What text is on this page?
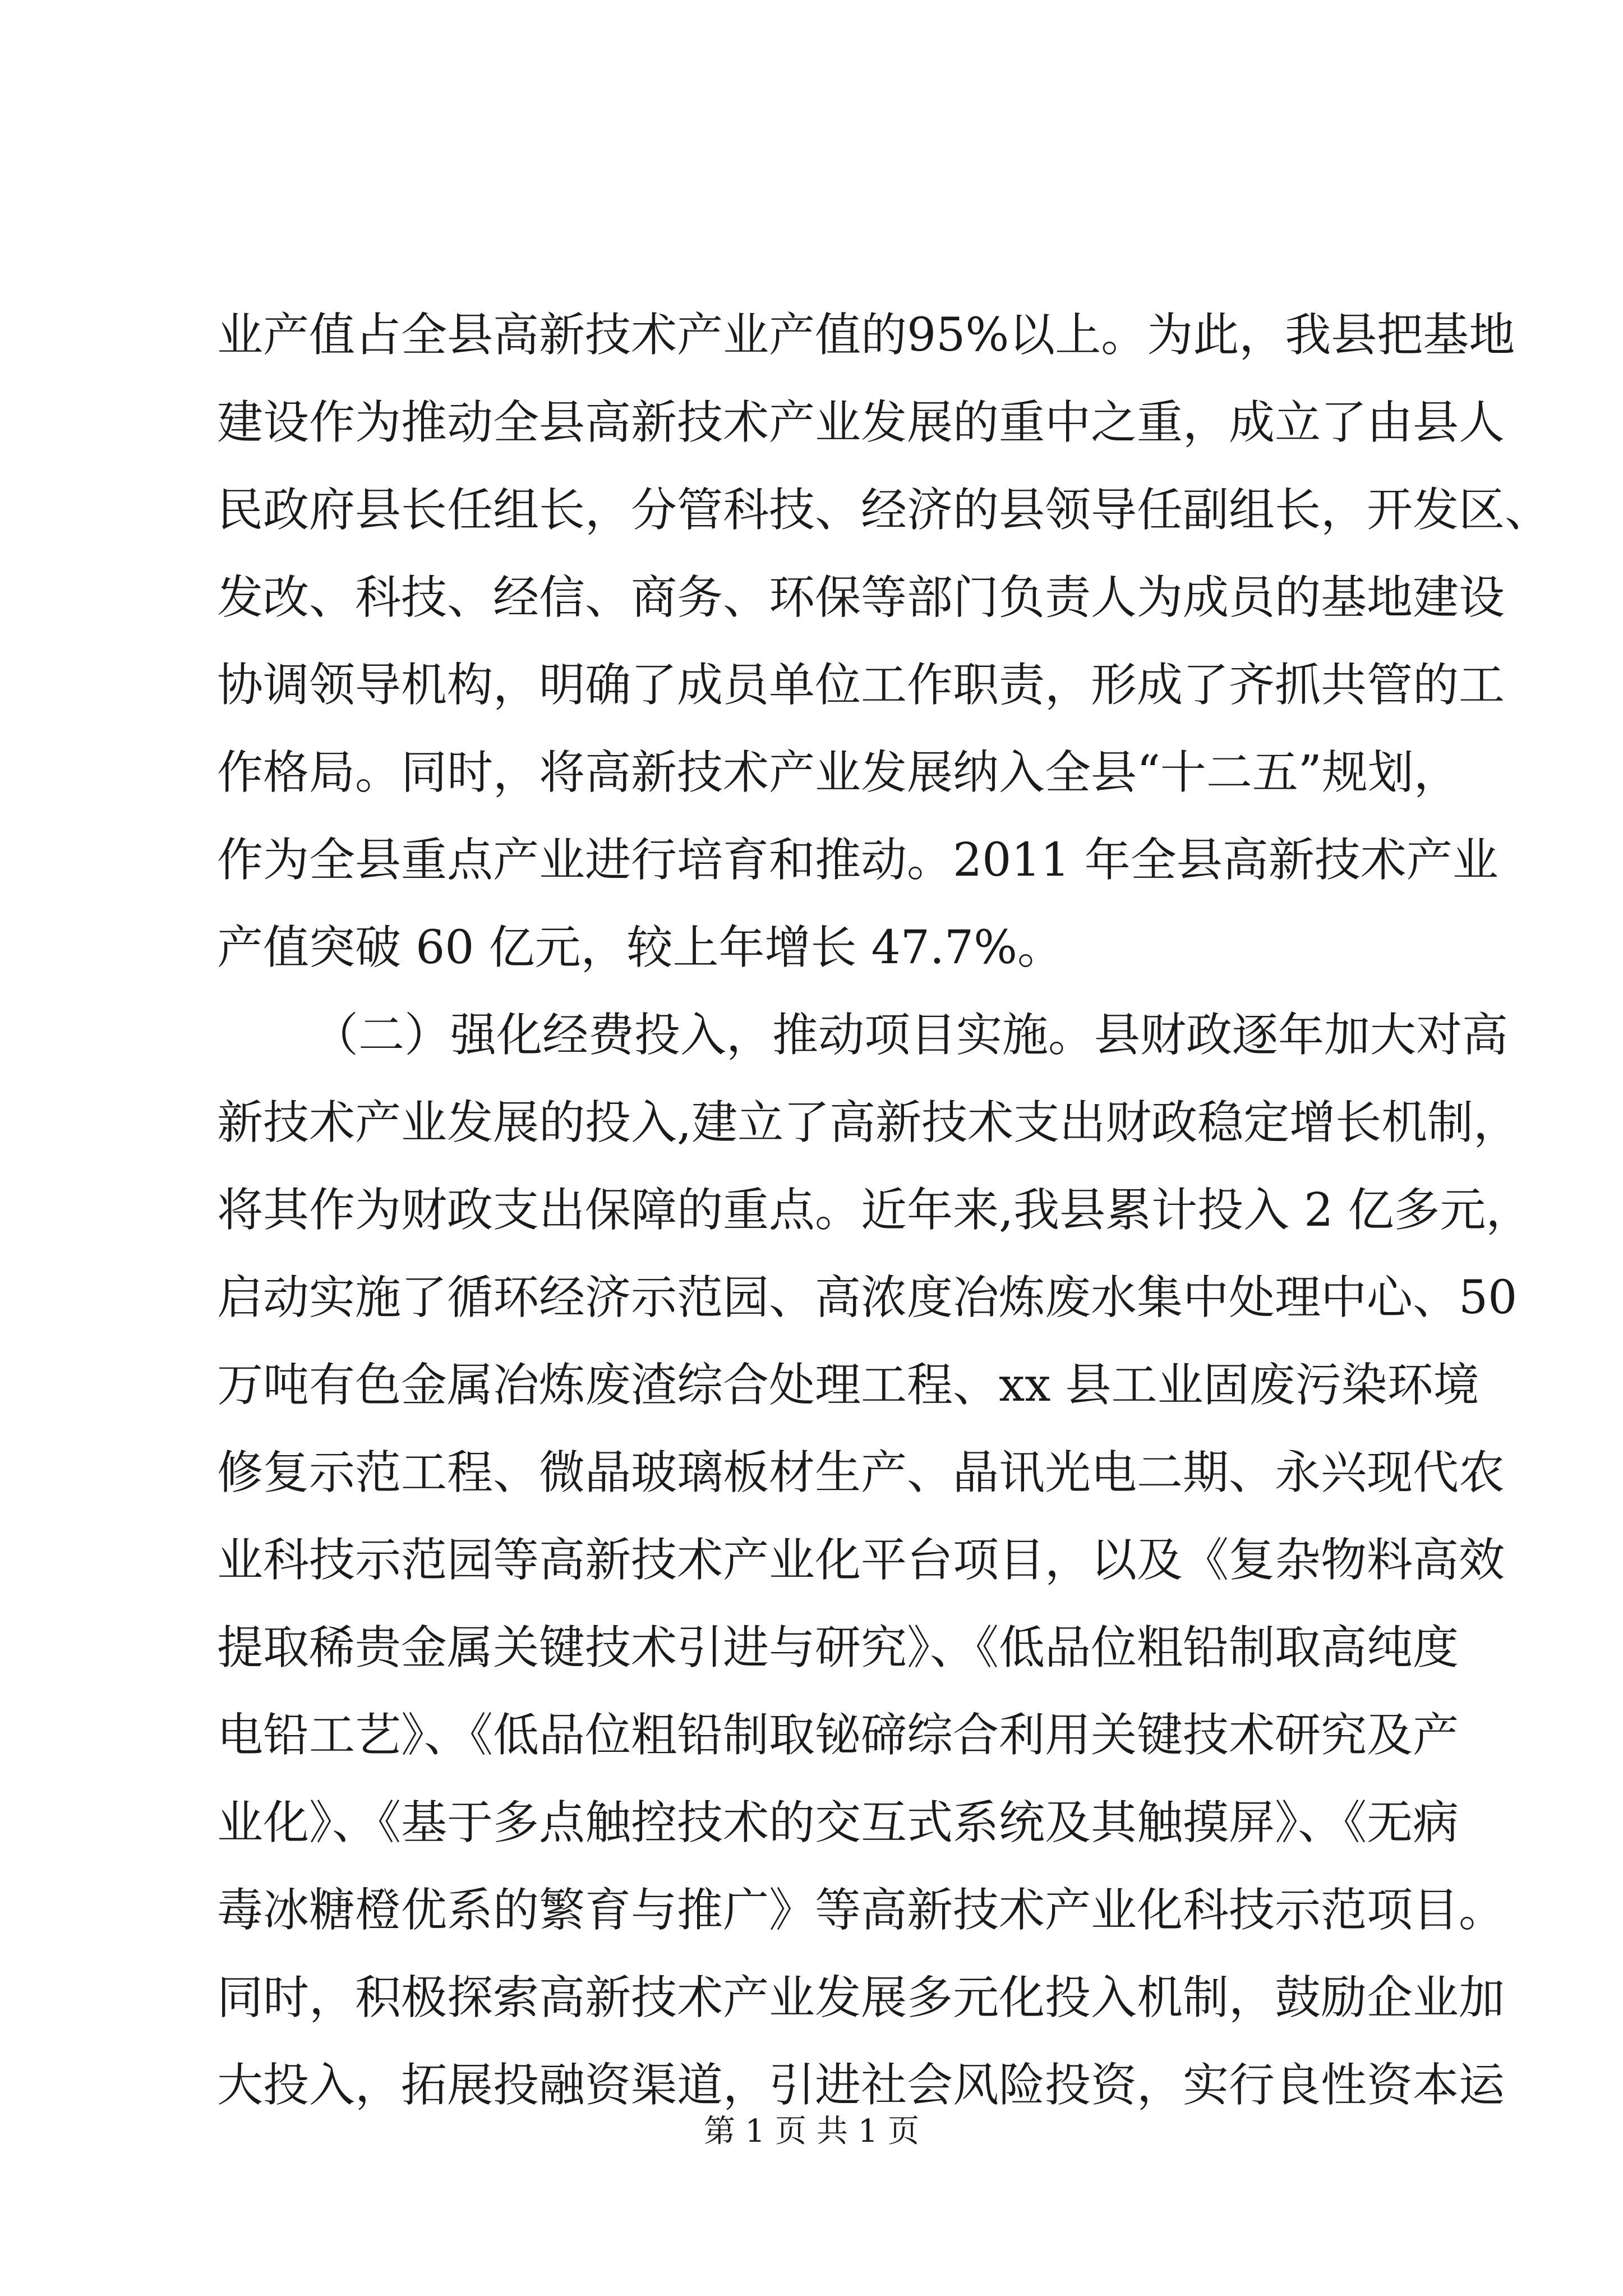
业产值占全县高新技术产业产值的95%以上。为此，我县把基地
建设作为推动全县高新技术产业发展的重中之重，成立了由县人
民政府县长任组长，分管科技、经济的县领导任副组长，开发区、
发改、科技、经信、商务、环保等部门负责人为成员的基地建设
协调领导机构，明确了成员单位工作职责，形成了齐抓共管的工
作格局。同时，将高新技术产业发展纳入全县“十二五”规划，
作为全县重点产业进行培育和推动。2011 年全县高新技术产业
产值突破 60 亿元，较上年增长 47.7%。
（二）强化经费投入，推动项目实施。县财政逐年加大对高
新技术产业发展的投入,建立了高新技术支出财政稳定增长机制，
将其作为财政支出保障的重点。近年来,我县累计投入 2 亿多元，
启动实施了循环经济示范园、高浓度冶炼废水集中处理中心、50
万吨有色金属冶炼废渣综合处理工程、xx 县工业固废污染环境
修复示范工程、微晶玻璃板材生产、晶讯光电二期、永兴现代农
业科技示范园等高新技术产业化平台项目，以及《复杂物料高效
提取稀贵金属关键技术引进与研究》、《低品位粗铅制取高纯度
电铅工艺》、《低品位粗铅制取铋碲综合利用关键技术研究及产
业化》、《基于多点触控技术的交互式系统及其触摸屏》、《无病
毒冰糖橙优系的繁育与推广》等高新技术产业化科技示范项目。
同时，积极探索高新技术产业发展多元化投入机制，鼓励企业加
大投入，拓展投融资渠道，引进社会风险投资，实行良性资本运
第 1 页 共 1 页
